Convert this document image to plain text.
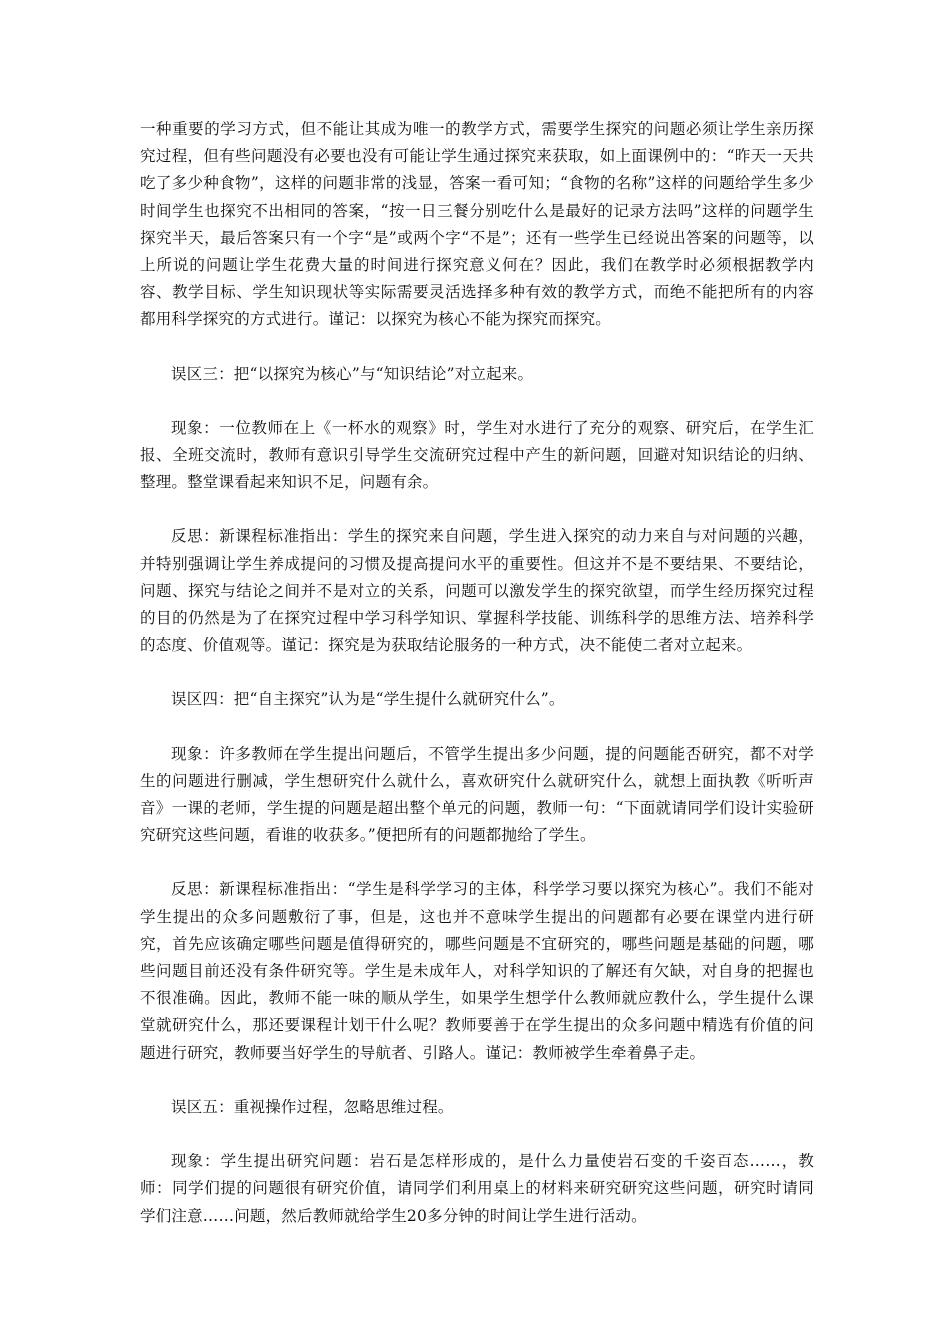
一种重要的学习方式，但不能让其成为唯一的教学方式，需要学生探究的问题必须让学生亲历探究过程，但有些问题没有必要也没有可能让学生通过探究来获取，如上面课例中的：“昨天一天共吃了多少种食物”，这样的问题非常的浅显，答案一看可知；“食物的名称”这样的问题给学生多少时间学生也探究不出相同的答案，“按一日三餐分别吃什么是最好的记录方法吗”这样的问题学生探究半天，最后答案只有一个字“是”或两个字“不是”；还有一些学生已经说出答案的问题等，以上所说的问题让学生花费大量的时间进行探究意义何在？因此，我们在教学时必须根据教学内容、教学目标、学生知识现状等实际需要灵活选择多种有效的教学方式，而绝不能把所有的内容都用科学探究的方式进行。谨记：以探究为核心不能为探究而探究。

误区三：把“以探究为核心”与“知识结论”对立起来。

现象：一位教师在上《一杯水的观察》时，学生对水进行了充分的观察、研究后，在学生汇报、全班交流时，教师有意识引导学生交流研究过程中产生的新问题，回避对知识结论的归纳、整理。整堂课看起来知识不足，问题有余。

反思：新课程标准指出：学生的探究来自问题，学生进入探究的动力来自与对问题的兴趣，并特别强调让学生养成提问的习惯及提高提问水平的重要性。但这并不是不要结果、不要结论，问题、探究与结论之间并不是对立的关系，问题可以激发学生的探究欲望，而学生经历探究过程的目的仍然是为了在探究过程中学习科学知识、掌握科学技能、训练科学的思维方法、培养科学的态度、价值观等。谨记：探究是为获取结论服务的一种方式，决不能使二者对立起来。

误区四：把“自主探究”认为是“学生提什么就研究什么”。

现象：许多教师在学生提出问题后，不管学生提出多少问题，提的问题能否研究，都不对学生的问题进行删减，学生想研究什么就什么，喜欢研究什么就研究什么，就想上面执教《听听声音》一课的老师，学生提的问题是超出整个单元的问题，教师一句：“下面就请同学们设计实验研究研究这些问题，看谁的收获多。”便把所有的问题都抛给了学生。

反思：新课程标准指出：“学生是科学学习的主体，科学学习要以探究为核心”。我们不能对学生提出的众多问题敷衍了事，但是，这也并不意味学生提出的问题都有必要在课堂内进行研究，首先应该确定哪些问题是值得研究的，哪些问题是不宜研究的，哪些问题是基础的问题，哪些问题目前还没有条件研究等。学生是未成年人，对科学知识的了解还有欠缺，对自身的把握也不很准确。因此，教师不能一味的顺从学生，如果学生想学什么教师就应教什么，学生提什么课堂就研究什么，那还要课程计划干什么呢？教师要善于在学生提出的众多问题中精选有价值的问题进行研究，教师要当好学生的导航者、引路人。谨记：教师被学生牵着鼻子走。

误区五：重视操作过程，忽略思维过程。

现象：学生提出研究问题：岩石是怎样形成的，是什么力量使岩石变的千姿百态……，教师：同学们提的问题很有研究价值，请同学们利用桌上的材料来研究研究这些问题，研究时请同学们注意……问题，然后教师就给学生20多分钟的时间让学生进行活动。
